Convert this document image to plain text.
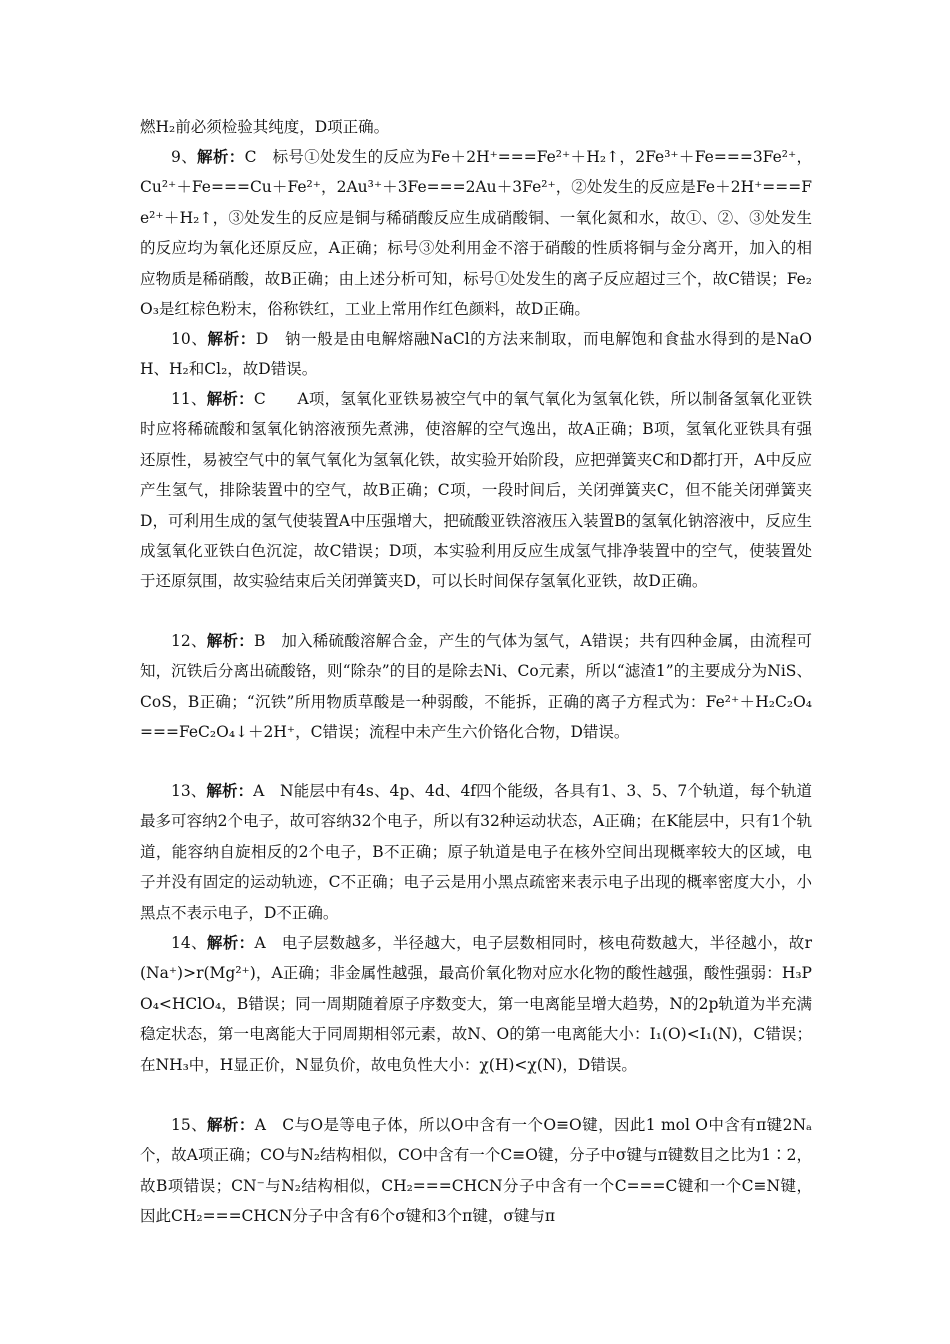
燃H₂前必须检验其纯度，D项正确。

9、解析：C　标号①处发生的反应为Fe＋2H⁺===Fe²⁺＋H₂↑，2Fe³⁺＋Fe===3Fe²⁺，Cu²⁺＋Fe===Cu＋Fe²⁺，2Au³⁺＋3Fe===2Au＋3Fe²⁺，②处发生的反应是Fe＋2H⁺===Fe²⁺＋H₂↑，③处发生的反应是铜与稀硝酸反应生成硝酸铜、一氧化氮和水，故①、②、③处发生的反应均为氧化还原反应，A正确；标号③处利用金不溶于硝酸的性质将铜与金分离开，加入的相应物质是稀硝酸，故B正确；由上述分析可知，标号①处发生的离子反应超过三个，故C错误；Fe₂O₃是红棕色粉末，俗称铁红，工业上常用作红色颜料，故D正确。

10、解析：D　钠一般是由电解熔融NaCl的方法来制取，而电解饱和食盐水得到的是NaOH、H₂和Cl₂，故D错误。

11、解析：C　　A项，氢氧化亚铁易被空气中的氧气氧化为氢氧化铁，所以制备氢氧化亚铁时应将稀硫酸和氢氧化钠溶液预先煮沸，使溶解的空气逸出，故A正确；B项，氢氧化亚铁具有强还原性，易被空气中的氧气氧化为氢氧化铁，故实验开始阶段，应把弹簧夹C和D都打开，A中反应产生氢气，排除装置中的空气，故B正确；C项，一段时间后，关闭弹簧夹C，但不能关闭弹簧夹D，可利用生成的氢气使装置A中压强增大，把硫酸亚铁溶液压入装置B的氢氧化钠溶液中，反应生成氢氧化亚铁白色沉淀，故C错误；D项，本实验利用反应生成氢气排净装置中的空气，使装置处于还原氛围，故实验结束后关闭弹簧夹D，可以长时间保存氢氧化亚铁，故D正确。

12、解析：B　加入稀硫酸溶解合金，产生的气体为氢气，A错误；共有四种金属，由流程可知，沉铁后分离出硫酸铬，则“除杂”的目的是除去Ni、Co元素，所以“滤渣1”的主要成分为NiS、CoS，B正确；“沉铁”所用物质草酸是一种弱酸，不能拆，正确的离子方程式为：Fe²⁺＋H₂C₂O₄===FeC₂O₄↓＋2H⁺，C错误；流程中未产生六价铬化合物，D错误。

13、解析：A　N能层中有4s、4p、4d、4f四个能级，各具有1、3、5、7个轨道，每个轨道最多可容纳2个电子，故可容纳32个电子，所以有32种运动状态，A正确；在K能层中，只有1个轨道，能容纳自旋相反的2个电子，B不正确；原子轨道是电子在核外空间出现概率较大的区域，电子并没有固定的运动轨迹，C不正确；电子云是用小黑点疏密来表示电子出现的概率密度大小，小黑点不表示电子，D不正确。

14、解析：A　电子层数越多，半径越大，电子层数相同时，核电荷数越大，半径越小，故r(Na⁺)>r(Mg²⁺)，A正确；非金属性越强，最高价氧化物对应水化物的酸性越强，酸性强弱：H₃PO₄<HClO₄，B错误；同一周期随着原子序数变大，第一电离能呈增大趋势，N的2p轨道为半充满稳定状态，第一电离能大于同周期相邻元素，故N、O的第一电离能大小：I₁(O)<I₁(N)，C错误；在NH₃中，H显正价，N显负价，故电负性大小：χ(H)<χ(N)，D错误。

15、解析：A　C与O是等电子体，所以O中含有一个O≡O键，因此1 mol O中含有π键2Nₐ个，故A项正确；CO与N₂结构相似，CO中含有一个C≡O键，分子中σ键与π键数目之比为1∶2，故B项错误；CN⁻与N₂结构相似，CH₂===CHCN分子中含有一个C===C键和一个C≡N键，因此CH₂===CHCN分子中含有6个σ键和3个π键，σ键与π
